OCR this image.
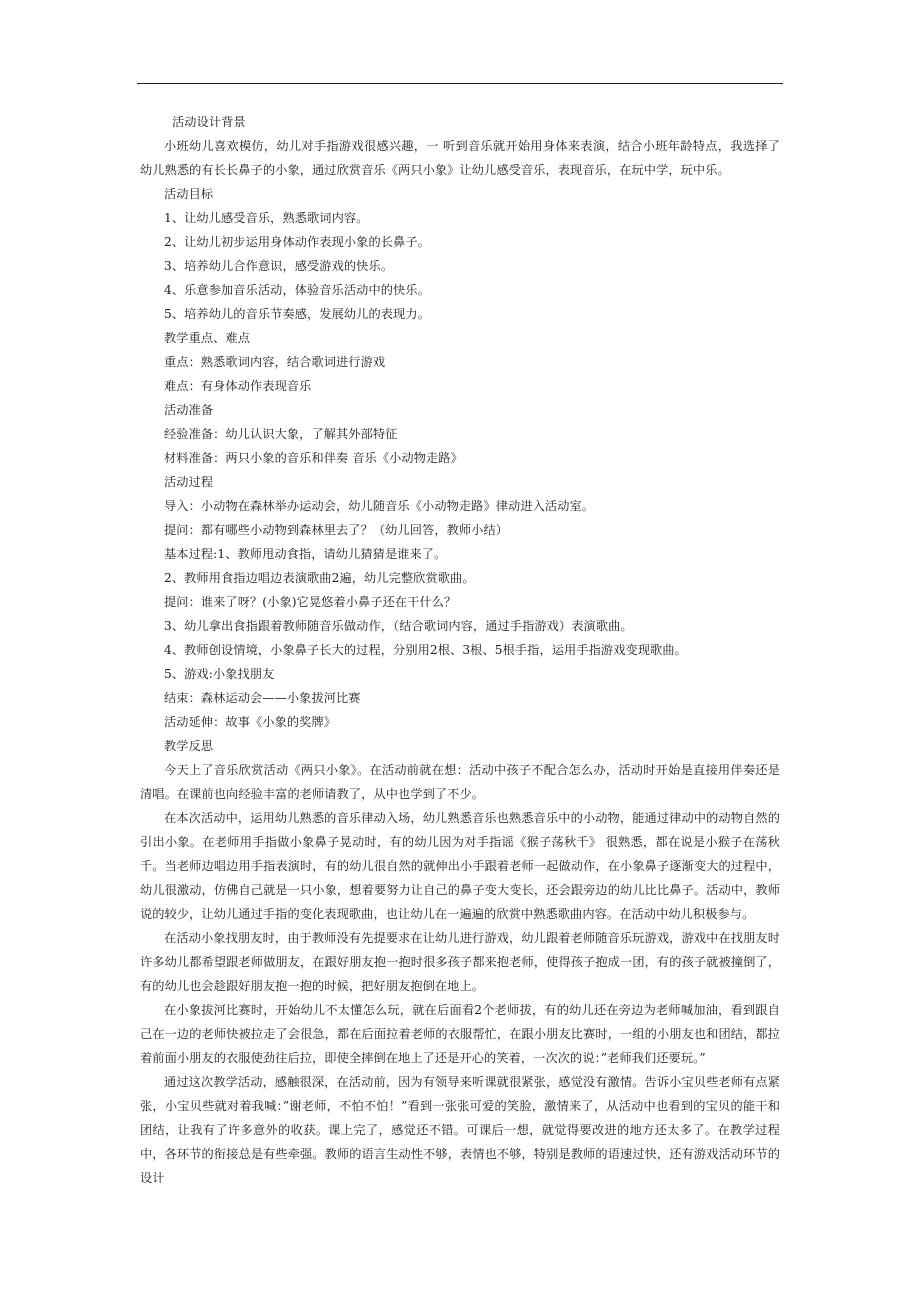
活动设计背景

小班幼儿喜欢模仿，幼儿对手指游戏很感兴趣，一 听到音乐就开始用身体来表演，结合小班年龄特点，我选择了幼儿熟悉的有长长鼻子的小象，通过欣赏音乐《两只小象》让幼儿感受音乐，表现音乐，在玩中学，玩中乐。

活动目标

1、让幼儿感受音乐，熟悉歌词内容。

2、让幼儿初步运用身体动作表现小象的长鼻子。

3、培养幼儿合作意识，感受游戏的快乐。

4、乐意参加音乐活动，体验音乐活动中的快乐。

5、培养幼儿的音乐节奏感，发展幼儿的表现力。

教学重点、难点

重点：熟悉歌词内容，结合歌词进行游戏

难点：有身体动作表现音乐

活动准备

经验准备：幼儿认识大象，了解其外部特征

材料准备：两只小象的音乐和伴奏 音乐《小动物走路》

活动过程

导入：小动物在森林举办运动会，幼儿随音乐《小动物走路》律动进入活动室。

提问：都有哪些小动物到森林里去了？（幼儿回答，教师小结）

基本过程:1、教师甩动食指，请幼儿猜猜是谁来了。

2、教师用食指边唱边表演歌曲2遍，幼儿完整欣赏歌曲。

提问：谁来了呀？(小象)它晃悠着小鼻子还在干什么？

3、幼儿拿出食指跟着教师随音乐做动作，（结合歌词内容，通过手指游戏）表演歌曲。

4、教师创设情境，小象鼻子长大的过程，分别用2根、3根、5根手指，运用手指游戏变现歌曲。

5、游戏:小象找朋友

结束：森林运动会——小象拔河比赛

活动延伸：故事《小象的奖牌》

教学反思

今天上了音乐欣赏活动《两只小象》。在活动前就在想：活动中孩子不配合怎么办，活动时开始是直接用伴奏还是清唱。在课前也向经验丰富的老师请教了，从中也学到了不少。

在本次活动中，运用幼儿熟悉的音乐律动入场，幼儿熟悉音乐也熟悉音乐中的小动物，能通过律动中的动物自然的引出小象。在老师用手指做小象鼻子晃动时，有的幼儿因为对手指谣《猴子荡秋千》 很熟悉，都在说是小猴子在荡秋千。当老师边唱边用手指表演时，有的幼儿很自然的就伸出小手跟着老师一起做动作，在小象鼻子逐渐变大的过程中，幼儿很激动，仿佛自己就是一只小象，想着要努力让自己的鼻子变大变长，还会跟旁边的幼儿比比鼻子。活动中，教师说的较少，让幼儿通过手指的变化表现歌曲，也让幼儿在一遍遍的欣赏中熟悉歌曲内容。在活动中幼儿积极参与。

在活动小象找朋友时，由于教师没有先提要求在让幼儿进行游戏，幼儿跟着老师随音乐玩游戏，游戏中在找朋友时许多幼儿都希望跟老师做朋友，在跟好朋友抱一抱时很多孩子都来抱老师，使得孩子抱成一团，有的孩子就被撞倒了，有的幼儿也会趁跟好朋友抱一抱的时候，把好朋友抱倒在地上。

在小象拔河比赛时，开始幼儿不太懂怎么玩，就在后面看2个老师拔，有的幼儿还在旁边为老师喊加油，看到跟自己在一边的老师快被拉走了会很急，都在后面拉着老师的衣服帮忙，在跟小朋友比赛时，一组的小朋友也和团结，都拉着前面小朋友的衣服使劲往后拉，即使全摔倒在地上了还是开心的笑着，一次次的说：”老师我们还要玩。”

通过这次教学活动，感触很深，在活动前，因为有领导来听课就很紧张，感觉没有激情。告诉小宝贝些老师有点紧张，小宝贝些就对着我喊：”谢老师，不怕不怕！”看到一张张可爱的笑脸，激情来了，从活动中也看到的宝贝的能干和团结，让我有了许多意外的收获。课上完了，感觉还不错。可课后一想，就觉得要改进的地方还太多了。在教学过程中，各环节的衔接总是有些牵强。教师的语言生动性不够，表情也不够，特别是教师的语速过快，还有游戏活动环节的设计
